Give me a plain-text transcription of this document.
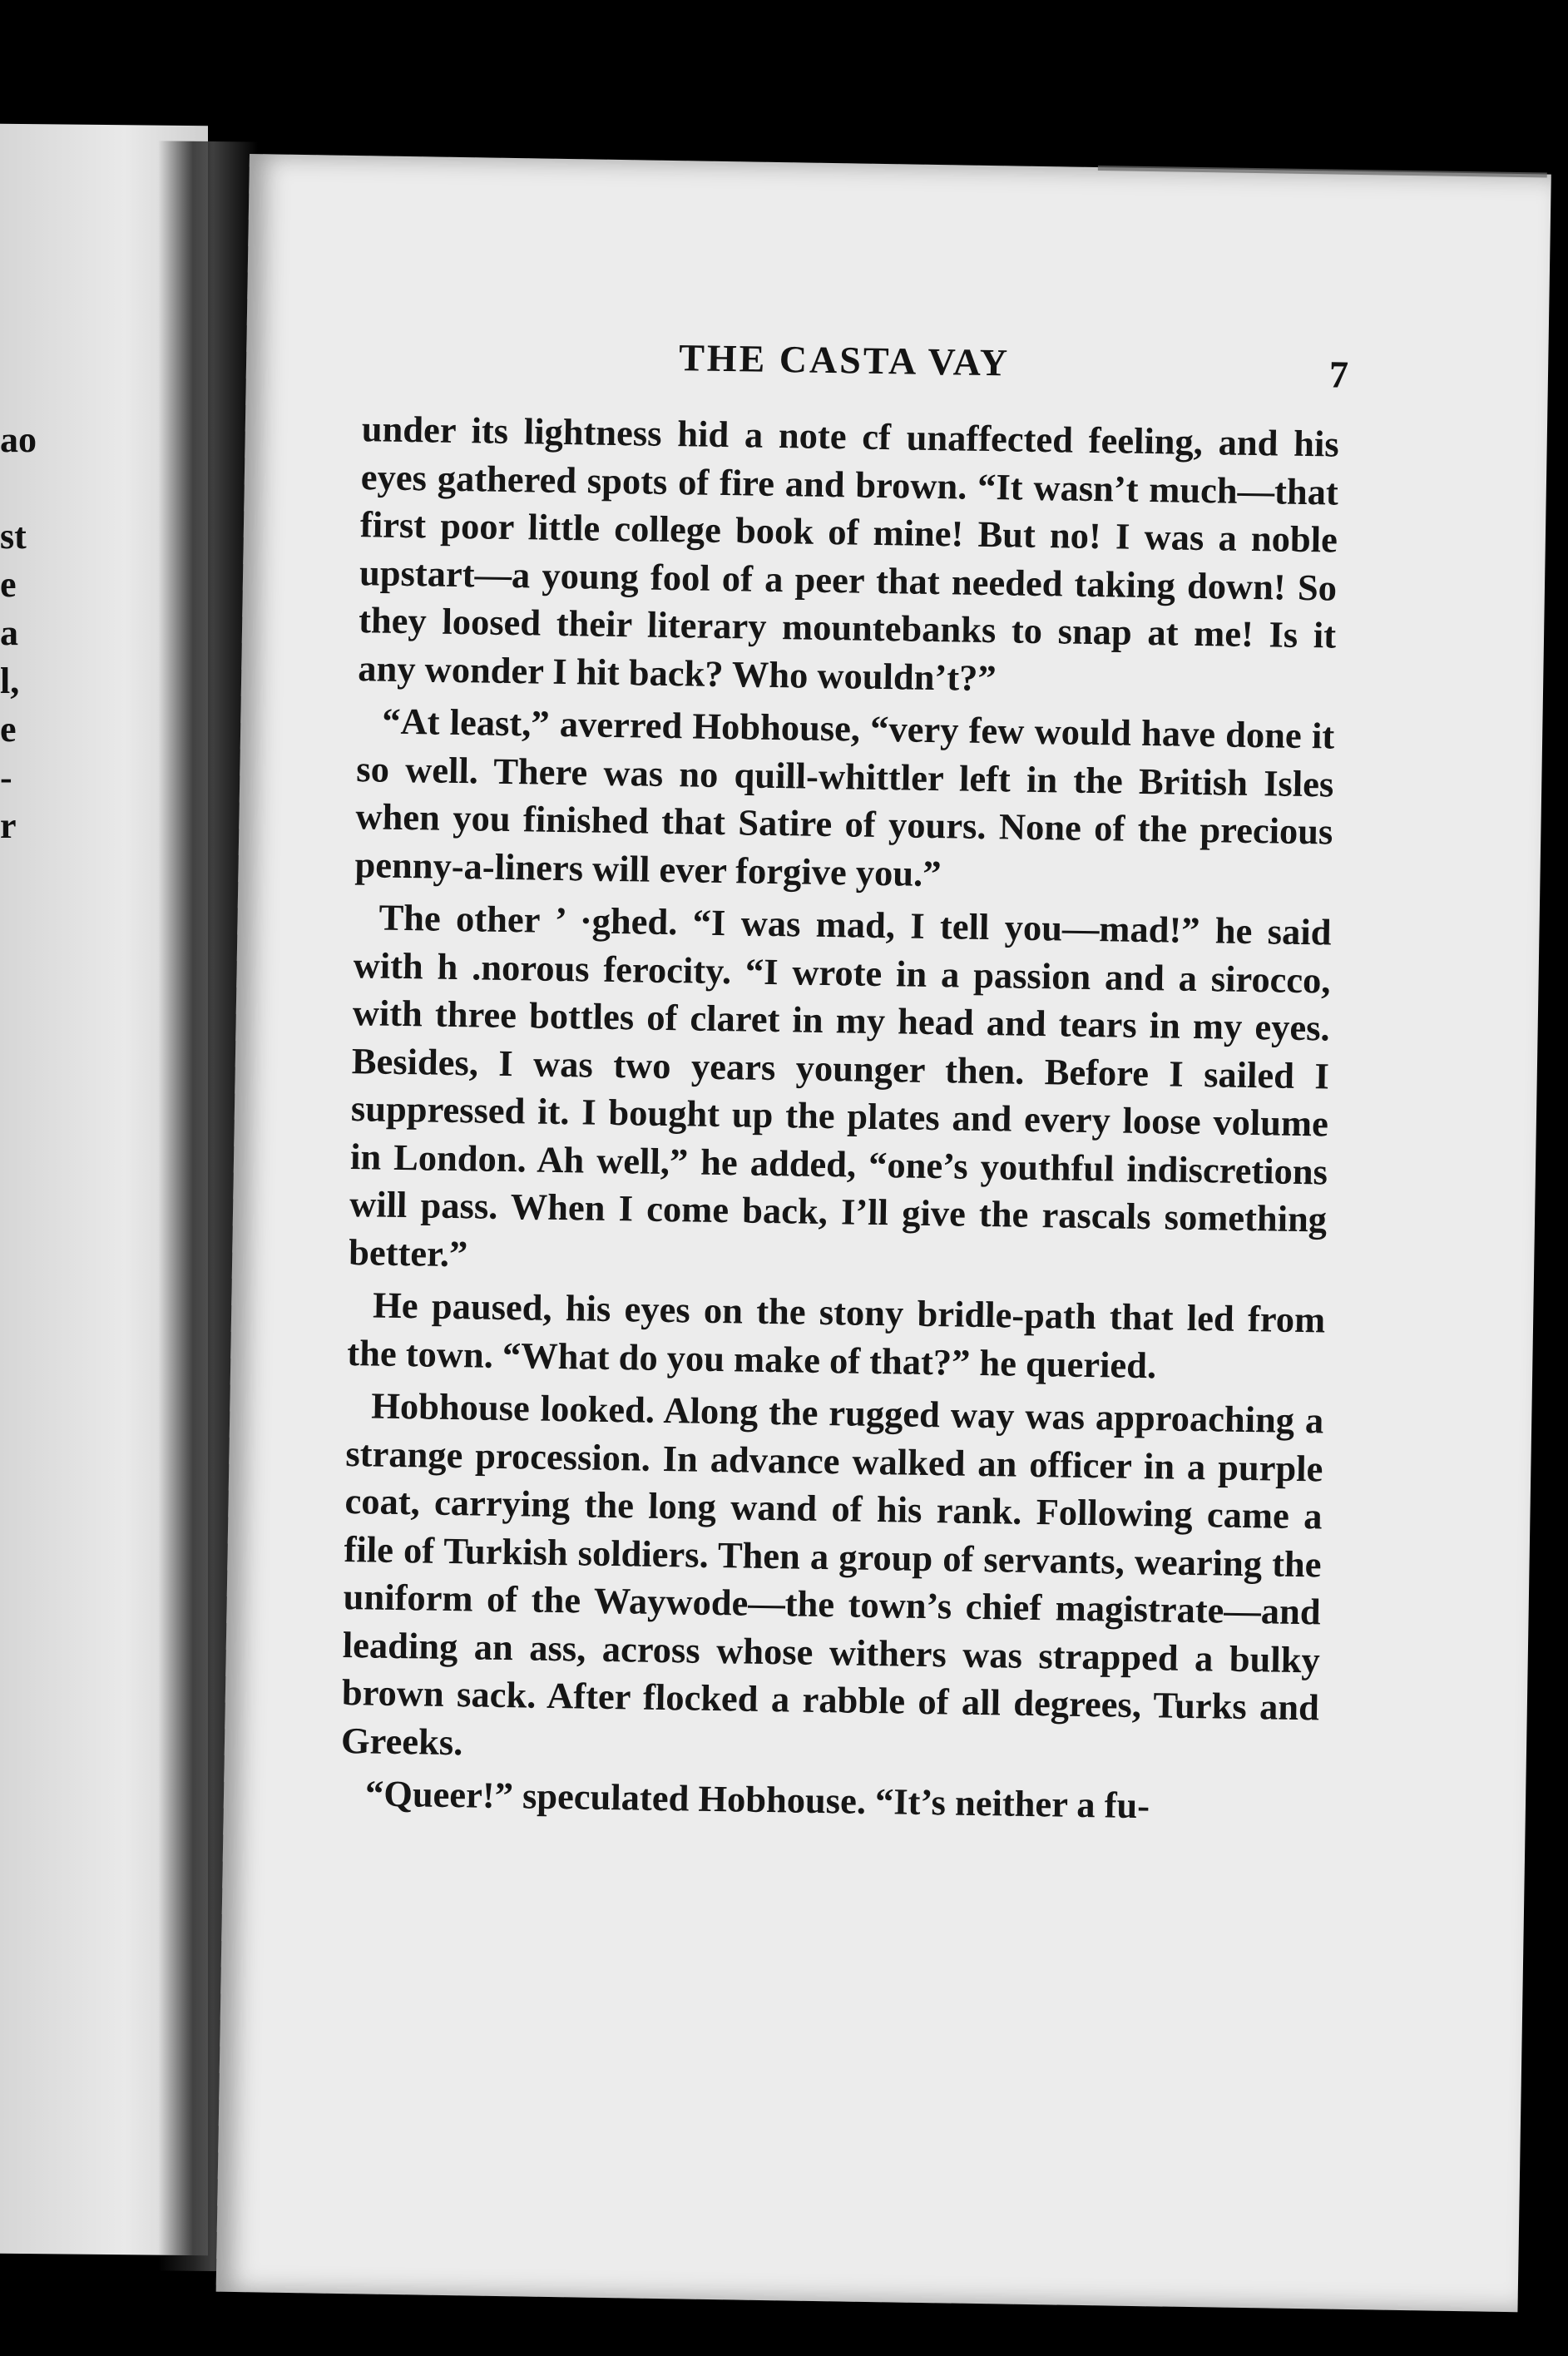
ao
st
e
a
l,
e
-
r
THE CASTA VAY	7

under its lightness hid a note cf unaffected feeling, and his eyes gathered spots of fire and brown. “It wasn’t much—that first poor little college book of mine! But no! I was a noble upstart—a young fool of a peer that needed taking down! So they loosed their literary mountebanks to snap at me! Is it any wonder I hit back? Who wouldn’t?”

“At least,” averred Hobhouse, “very few would have done it so well. There was no quill-whittler left in the British Isles when you finished that Satire of yours. None of the precious penny-a-liners will ever forgive you.”

The other ’ ·ghed. “I was mad, I tell you—mad!” he said with h .norous ferocity. “I wrote in a passion and a sirocco, with three bottles of claret in my head and tears in my eyes. Besides, I was two years younger then. Before I sailed I suppressed it. I bought up the plates and every loose volume in London. Ah well,” he added, “one’s youthful indiscretions will pass. When I come back, I’ll give the rascals something better.”

He paused, his eyes on the stony bridle-path that led from the town. “What do you make of that?” he queried.

Hobhouse looked. Along the rugged way was approaching a strange procession. In advance walked an officer in a purple coat, carrying the long wand of his rank. Following came a file of Turkish soldiers. Then a group of servants, wearing the uniform of the Waywode—the town’s chief magistrate—and leading an ass, across whose withers was strapped a bulky brown sack. After flocked a rabble of all degrees, Turks and Greeks.

“Queer!” speculated Hobhouse. “It’s neither a fu-
